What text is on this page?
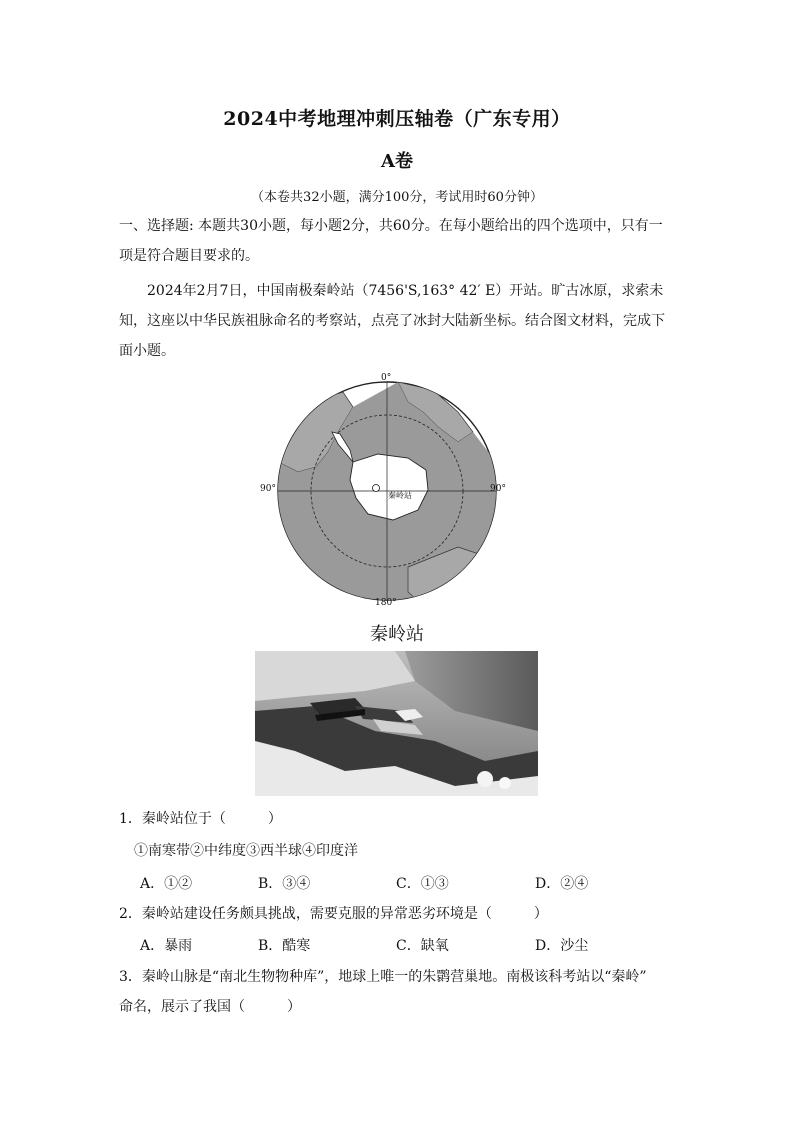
2024中考地理冲刺压轴卷（广东专用）
A卷
（本卷共32小题，满分100分，考试用时60分钟）
一、选择题: 本题共30小题，每小题2分，共60分。在每小题给出的四个选项中，只有一
项是符合题目要求的。
2024年2月7日，中国南极秦岭站（7456'S,163° 42′ E）开站。旷古冰原，求索未
知，这座以中华民族祖脉命名的考察站，点亮了冰封大陆新坐标。结合图文材料，完成下
面小题。
秦岭站
0°
90°	90°
180°
秦岭站
1．秦岭站位于（　　　）
①南寒带②中纬度③西半球④印度洋
A．①②	B．③④	C．①③	D．②④
2．秦岭站建设任务颇具挑战，需要克服的异常恶劣环境是（　　　）
A．暴雨	B．酷寒	C．缺氧	D．沙尘
3．秦岭山脉是“南北生物物种库”，地球上唯一的朱鹮营巢地。南极该科考站以“秦岭”
命名，展示了我国（　　　）
